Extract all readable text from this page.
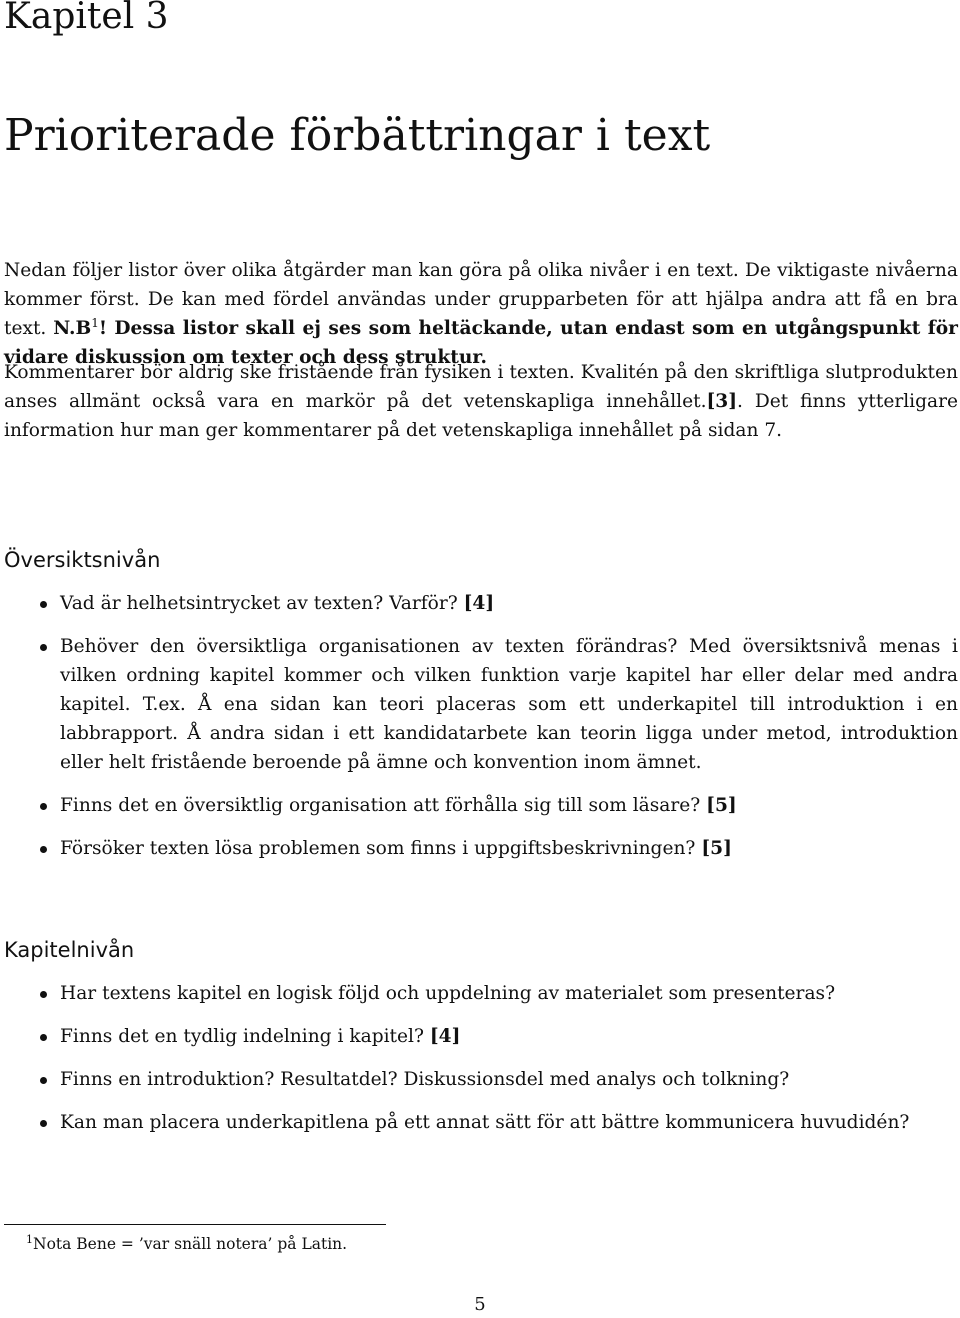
Kapitel 3
Prioriterade förbättringar i text

Nedan följer listor över olika åtgärder man kan göra på olika nivåer i en text. De viktigaste nivåerna kommer först. De kan med fördel användas under grupparbeten för att hjälpa andra att få en bra text. $N.B^1$! Dessa listor skall ej ses som heltäckande, utan endast som en utgångspunkt för vidare diskussion om texter och dess struktur.

Kommentarer bör aldrig ske fristående från fysiken i texten. Kvalitén på den skriftliga slutprodukten anses allmänt också vara en markör på det vetenskapliga innehållet.[3]. Det finns ytterligare information hur man ger kommentarer på det vetenskapliga innehållet på sidan 7.

Översiktsnivån
Vad är helhetsintrycket av texten? Varför? [4]
Behöver den översiktliga organisationen av texten förändras? Med översiktsnivå menas i vilken ordning kapitel kommer och vilken funktion varje kapitel har eller delar med andra kapitel. T.ex. Å ena sidan kan teori placeras som ett underkapitel till introduktion i en labbrapport. Å andra sidan i ett kandidatarbete kan teorin ligga under metod, introduktion eller helt fristående beroende på ämne och konvention inom ämnet.
Finns det en översiktlig organisation att förhålla sig till som läsare? [5]
Försöker texten lösa problemen som finns i uppgiftsbeskrivningen? [5]
Kapitelnivån
Har textens kapitel en logisk följd och uppdelning av materialet som presenteras?
Finns det en tydlig indelning i kapitel? [4]
Finns en introduktion? Resultatdel? Diskussionsdel med analys och tolkning?
Kan man placera underkapitlena på ett annat sätt för att bättre kommunicera huvudidén?

$^1$Nota Bene = ’var snäll notera’ på Latin.

5
